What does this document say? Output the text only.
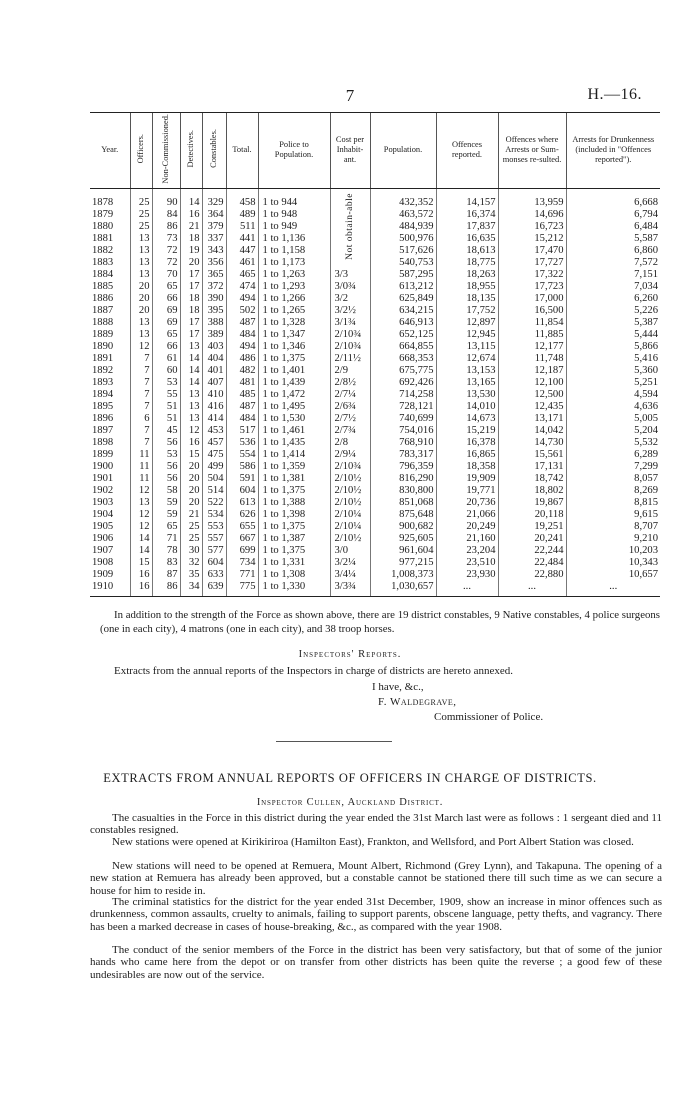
7	H.—16.
Year.	Officers.	Non-Commissioned.	Detectives.	Constables.	Total.	Police to Population.	Cost per Inhabit-ant.	Population.	Offences reported.	Offences where Arrests or Sum-monses re-sulted.	Arrests for Drunkenness (included in "Offences reported").
1878	25	90	14	329	458	1 to 944	Not obtain-able	432,352	14,157	13,959	6,668
1879	25	84	16	364	489	1 to 948		463,572	16,374	14,696	6,794
1880	25	86	21	379	511	1 to 949		484,939	17,837	16,723	6,484
1881	13	73	18	337	441	1 to 1,136		500,976	16,635	15,212	5,587
1882	13	72	19	343	447	1 to 1,158		517,626	18,613	17,470	6,860
1883	13	72	20	356	461	1 to 1,173		540,753	18,775	17,727	7,572
1884	13	70	17	365	465	1 to 1,263	3/3	587,295	18,263	17,322	7,151
1885	20	65	17	372	474	1 to 1,293	3/0¾	613,212	18,955	17,723	7,034
1886	20	66	18	390	494	1 to 1,266	3/2	625,849	18,135	17,000	6,260
1887	20	69	18	395	502	1 to 1,265	3/2½	634,215	17,752	16,500	5,226
1888	13	69	17	388	487	1 to 1,328	3/1¾	646,913	12,897	11,854	5,387
1889	13	65	17	389	484	1 to 1,347	2/10¾	652,125	12,945	11,885	5,444
1890	12	66	13	403	494	1 to 1,346	2/10¾	664,855	13,115	12,177	5,866
1891	7	61	14	404	486	1 to 1,375	2/11½	668,353	12,674	11,748	5,416
1892	7	60	14	401	482	1 to 1,401	2/9	675,775	13,153	12,187	5,360
1893	7	53	14	407	481	1 to 1,439	2/8½	692,426	13,165	12,100	5,251
1894	7	55	13	410	485	1 to 1,472	2/7¼	714,258	13,530	12,500	4,594
1895	7	51	13	416	487	1 to 1,495	2/6¾	728,121	14,010	12,435	4,636
1896	6	51	13	414	484	1 to 1,530	2/7½	740,699	14,673	13,171	5,005
1897	7	45	12	453	517	1 to 1,461	2/7¾	754,016	15,219	14,042	5,204
1898	7	56	16	457	536	1 to 1,435	2/8	768,910	16,378	14,730	5,532
1899	11	53	15	475	554	1 to 1,414	2/9¼	783,317	16,865	15,561	6,289
1900	11	56	20	499	586	1 to 1,359	2/10¾	796,359	18,358	17,131	7,299
1901	11	56	20	504	591	1 to 1,381	2/10½	816,290	19,909	18,742	8,057
1902	12	58	20	514	604	1 to 1,375	2/10½	830,800	19,771	18,802	8,269
1903	13	59	20	522	613	1 to 1,388	2/10½	851,068	20,736	19,867	8,815
1904	12	59	21	534	626	1 to 1,398	2/10¼	875,648	21,066	20,118	9,615
1905	12	65	25	553	655	1 to 1,375	2/10¼	900,682	20,249	19,251	8,707
1906	14	71	25	557	667	1 to 1,387	2/10½	925,605	21,160	20,241	9,210
1907	14	78	30	577	699	1 to 1,375	3/0	961,604	23,204	22,244	10,203
1908	15	83	32	604	734	1 to 1,331	3/2¼	977,215	23,510	22,484	10,343
1909	16	87	35	633	771	1 to 1,308	3/4¼	1,008,373	23,930	22,880	10,657
1910	16	86	34	639	775	1 to 1,330	3/3¾	1,030,657	...	...	...
In addition to the strength of the Force as shown above, there are 19 district constables, 9 Native constables, 4 police surgeons (one in each city), 4 matrons (one in each city), and 38 troop horses.
Inspectors' Reports.
Extracts from the annual reports of the Inspectors in charge of districts are hereto annexed.
I have, &c.,
F. Waldegrave,
Commissioner of Police.
EXTRACTS FROM ANNUAL REPORTS OF OFFICERS IN CHARGE OF DISTRICTS.
Inspector Cullen, Auckland District.

The casualties in the Force in this district during the year ended the 31st March last were as follows : 1 sergeant died and 11 constables resigned.

New stations were opened at Kirikiriroa (Hamilton East), Frankton, and Wellsford, and Port Albert Station was closed.

New stations will need to be opened at Remuera, Mount Albert, Richmond (Grey Lynn), and Takapuna. The opening of a new station at Remuera has already been approved, but a constable cannot be stationed there till such time as we can secure a house for him to reside in.

The criminal statistics for the district for the year ended 31st December, 1909, show an increase in minor offences such as drunkenness, common assaults, cruelty to animals, failing to support parents, obscene language, petty thefts, and vagrancy. There has been a marked decrease in cases of house-breaking, &c., as compared with the year 1908.

The conduct of the senior members of the Force in the district has been very satisfactory, but that of some of the junior hands who came here from the depot or on transfer from other districts has been quite the reverse ; a good few of these undesirables are now out of the service.
